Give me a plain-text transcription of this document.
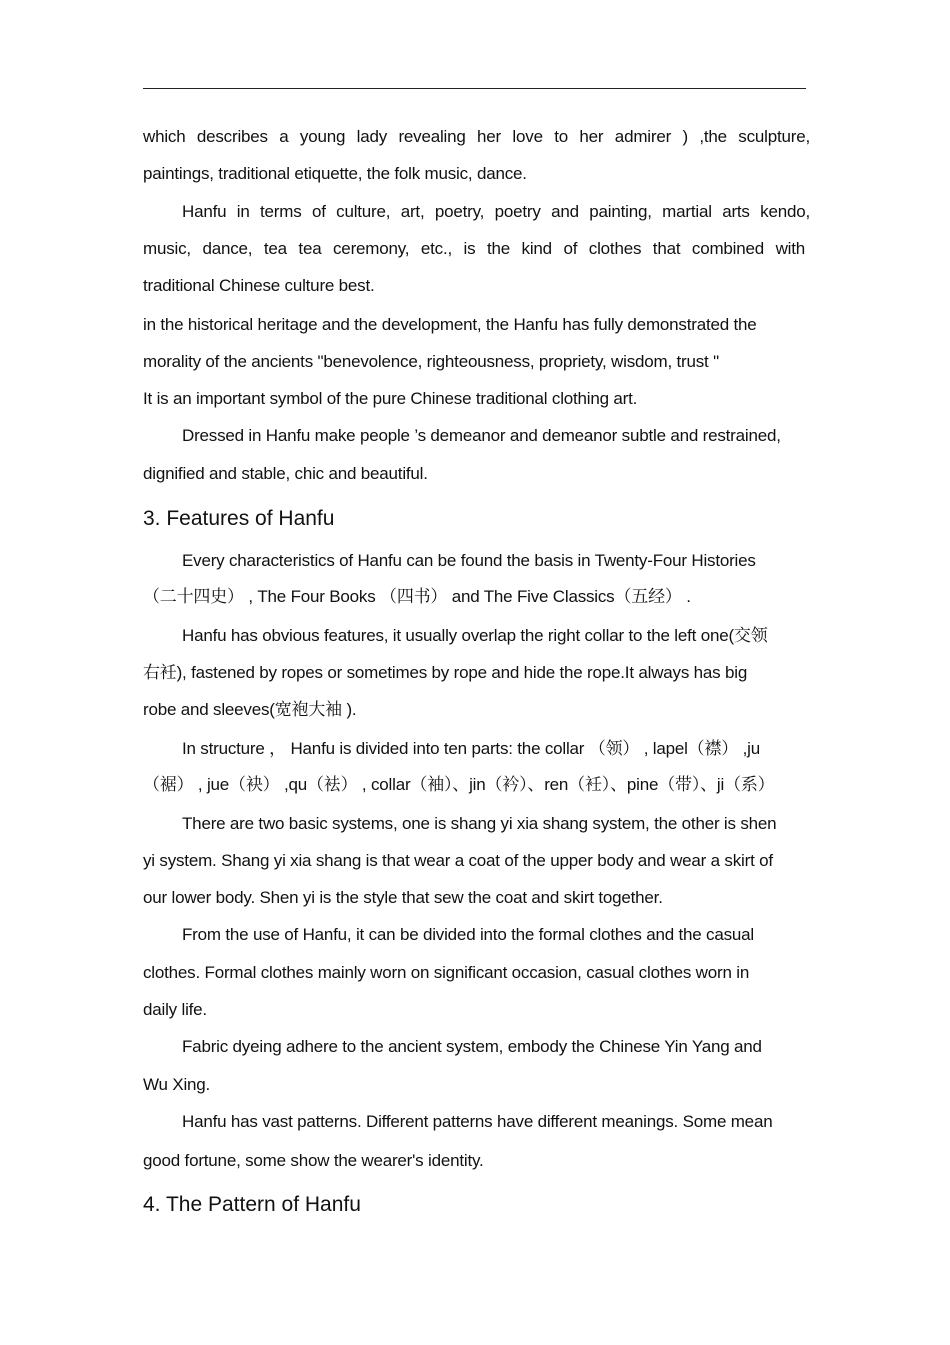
which describes a young lady revealing her love to her admirer ) ,the sculpture,
paintings, traditional etiquette, the folk music, dance.
Hanfu in terms of culture, art, poetry, poetry and painting, martial arts kendo,
music, dance, tea tea ceremony, etc., is the kind of clothes that combined with
traditional Chinese culture best.
in the historical heritage and the development, the Hanfu has fully demonstrated the
morality of the ancients "benevolence, righteousness, propriety, wisdom, trust "
It is an important symbol of the pure Chinese traditional clothing art.
Dressed in Hanfu make people ’s demeanor and demeanor subtle and restrained,
dignified and stable, chic and beautiful.
3. Features of Hanfu
Every characteristics of Hanfu can be found the basis in Twenty-Four Histories
（二十四史） , The Four Books （四书） and The Five Classics（五经） .
Hanfu has obvious features, it usually overlap the right collar to the left one(交领
右衽), fastened by ropes or sometimes by rope and hide the rope.It always has big
robe and sleeves(宽袍大袖 ).
In structure ， Hanfu is divided into ten parts: the collar （领） , lapel（襟） ,ju
（裾） , jue（袂） ,qu（袪） , collar（袖）、jin（衿）、ren（衽）、pine（带）、ji（系）
There are two basic systems, one is shang yi xia shang system, the other is shen
yi system. Shang yi xia shang is that wear a coat of the upper body and wear a skirt of
our lower body. Shen yi is the style that sew the coat and skirt together.
From the use of Hanfu, it can be divided into the formal clothes and the casual
clothes. Formal clothes mainly worn on significant occasion, casual clothes worn in
daily life.
Fabric dyeing adhere to the ancient system, embody the Chinese Yin Yang and
Wu Xing.
Hanfu has vast patterns. Different patterns have different meanings. Some mean
good fortune, some show the wearer's identity.
4. The Pattern of Hanfu
